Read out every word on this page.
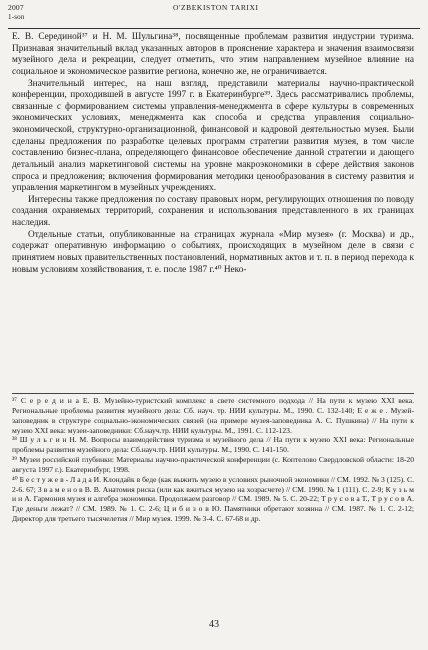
2007	O'ZBEKISTON TARIXI
1-son

Е. В. Серединой³⁷ и Н. М. Шульгина³⁸, посвященные проблемам развития индустрии туризма. Признавая значительный вклад указанных авторов в прояснение характера и значения взаимосвязи музейного дела и рекреации, следует отметить, что этим направлением музейное влияние на социальное и экономическое развитие региона, конечно же, не ограничивается.

Значительный интерес, на наш взгляд, представили материалы научно-практической конференции, проходившей в августе 1997 г. в Екатеринбурге³⁹. Здесь рассматривались проблемы, связанные с формированием системы управления-менеджмента в сфере культуры в современных экономических условиях, менеджмента как способа и средства управления социально-экономической, структурно-организационной, финансовой и кадровой деятельностью музея. Были сделаны предложения по разработке целевых программ стратегии развития музея, в том числе составлению бизнес-плана, определяющего финансовое обеспечение данной стратегии и дающего детальный анализ маркетинговой системы на уровне макроэкономики в сфере действия законов спроса и предложения; включения формирования методики ценообразования в систему развития и управления маркетингом в музейных учреждениях.

Интересны также предложения по составу правовых норм, регулирующих отношения по поводу создания охраняемых территорий, сохранения и использования представленного в их границах наследия.

Отдельные статьи, опубликованные на страницах журнала «Мир музея» (г. Москва) и др., содержат оперативную информацию о событиях, происходящих в музейном деле в связи с принятием новых правительственных постановлений, нормативных актов и т. п. в период перехода к новым условиям хозяйствования, т. е. после 1987 г.⁴⁰ Неко-

³⁷ С е р е д и н а Е. В. Музейно-туристский комплекс в свете системного подхода // На пути к музею XXI века. Региональные проблемы развития музейного дела: Сб. науч. тр. НИИ культуры. М., 1990. С. 132-140; Е е ж е . Музей-заповедник в структуре социально-экономических связей (на примере музея-заповедника А. С. Пушкина) // На пути к музею XXI века: музеи-заповедники: Сб.науч.тр. НИИ культуры. М., 1991. С. 112-123.

³⁸ Ш у л ь г и н Н. М. Вопросы взаимодействия туризма и музейного дела // На пути к музею XXI века: Региональные проблемы развития музейного дела: Сб.науч.тр. НИИ культуры. М., 1990. С. 141-150.

³⁹ Музеи российской глубинки: Материалы научно-практической конференции (с. Коптелово Свердловской области: 18-20 августа 1997 г.). Екатеринбург, 1998.

⁴⁰ Б е с т у ж е в - Л а д а И. Клондайк в беде (как выжить музею в условиях рыночной экономики // СМ. 1992. № 3 (125). С. 2-6. 67; З в а м е н о в В. В. Анатомия риска (или как вжиться музею на хозрасчете) // СМ. 1990. № 1 (111). С. 2-9; К у з ь м и н А. Гармония музея и алгебра экономики. Продолжаем разговор // СМ. 1989. № 5. С. 20-22; Т р у с о в а Т., Т р у с о в А. Где деньги лежат? // СМ. 1989. № 1. С. 2-6; Ц и б и з о в Ю. Памятники обретают хозяина // СМ. 1987. № 1. С. 2-12; Директор для третьего тысячелетия // Мир музея. 1999. № 3-4. С. 67-68 и др.

43
